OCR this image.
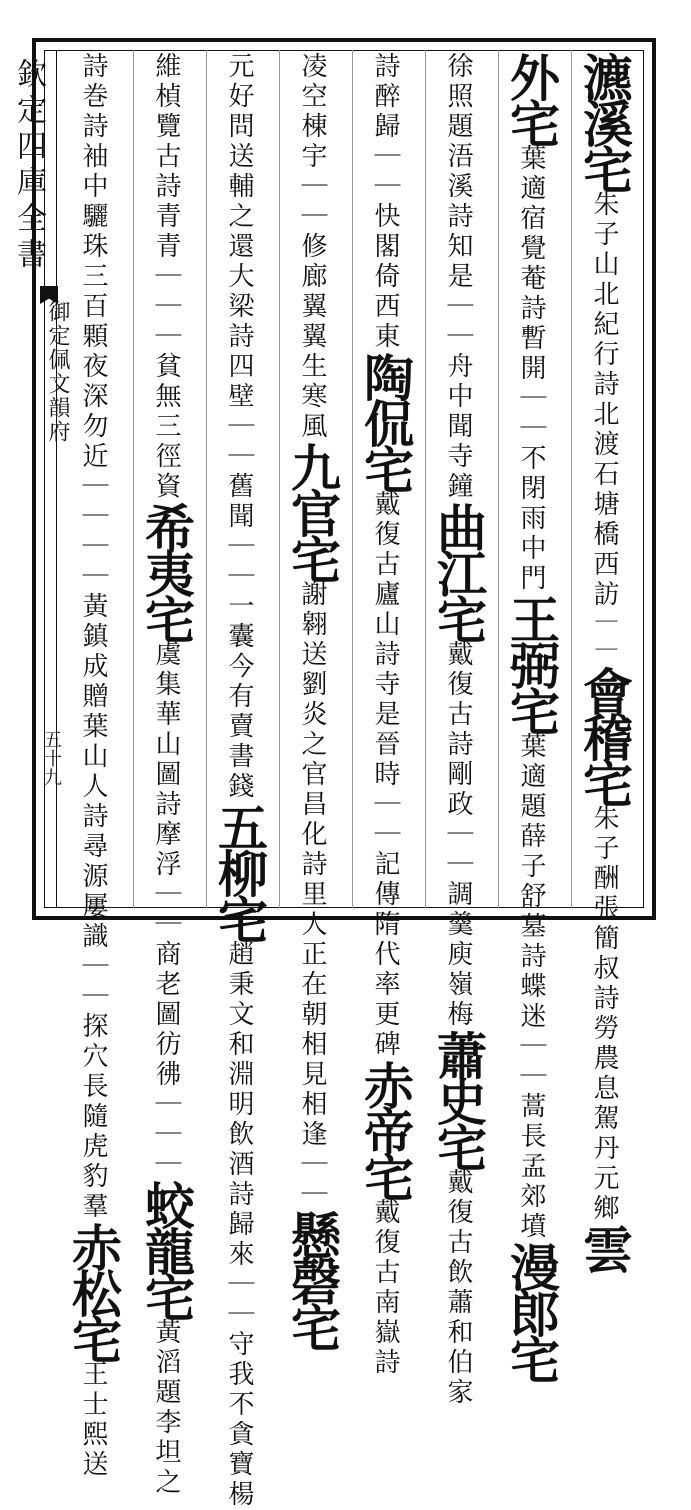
欽定四庫全書
御定佩文韻府
五十九
瀌溪宅朱子山北紀行詩北渡石塘橋西訪｜｜會稽宅朱子酬張簡叔詩勞農息駕丹元鄉雲
外宅葉適宿覺菴詩暫開｜｜不閉雨中門王弼宅葉適題薛子舒墓詩蝶迷｜｜蒿長孟郊墳漫郎宅
徐照題浯溪詩知是｜｜舟中聞寺鐘曲江宅戴復古詩剛政｜｜調羹庾嶺梅蕭史宅戴復古飲蕭和伯家
詩醉歸｜｜快閣倚西東陶侃宅戴復古廬山詩寺是晉時｜｜記傳隋代率更碑赤帝宅戴復古南嶽詩
凌空棟宇｜｜修廊翼翼生寒風九官宅謝翱送劉炎之官昌化詩里人正在朝相見相逢｜｜懸磬宅
元好問送輔之還大梁詩四壁｜｜舊聞｜｜一囊今有賣書錢五柳宅趙秉文和淵明飲酒詩歸來｜｜守我不貪寶楊
維楨覽古詩青青｜｜｜貧無三徑資希夷宅虞集華山圖詩摩浮｜｜商老圖彷彿｜｜｜蛟龍宅黃滔題李坦之
詩巻詩袖中驪珠三百顆夜深勿近｜｜｜｜黃鎮成贈葉山人詩尋源屢識｜｜探穴長隨虎豹羣赤松宅王士熙送
